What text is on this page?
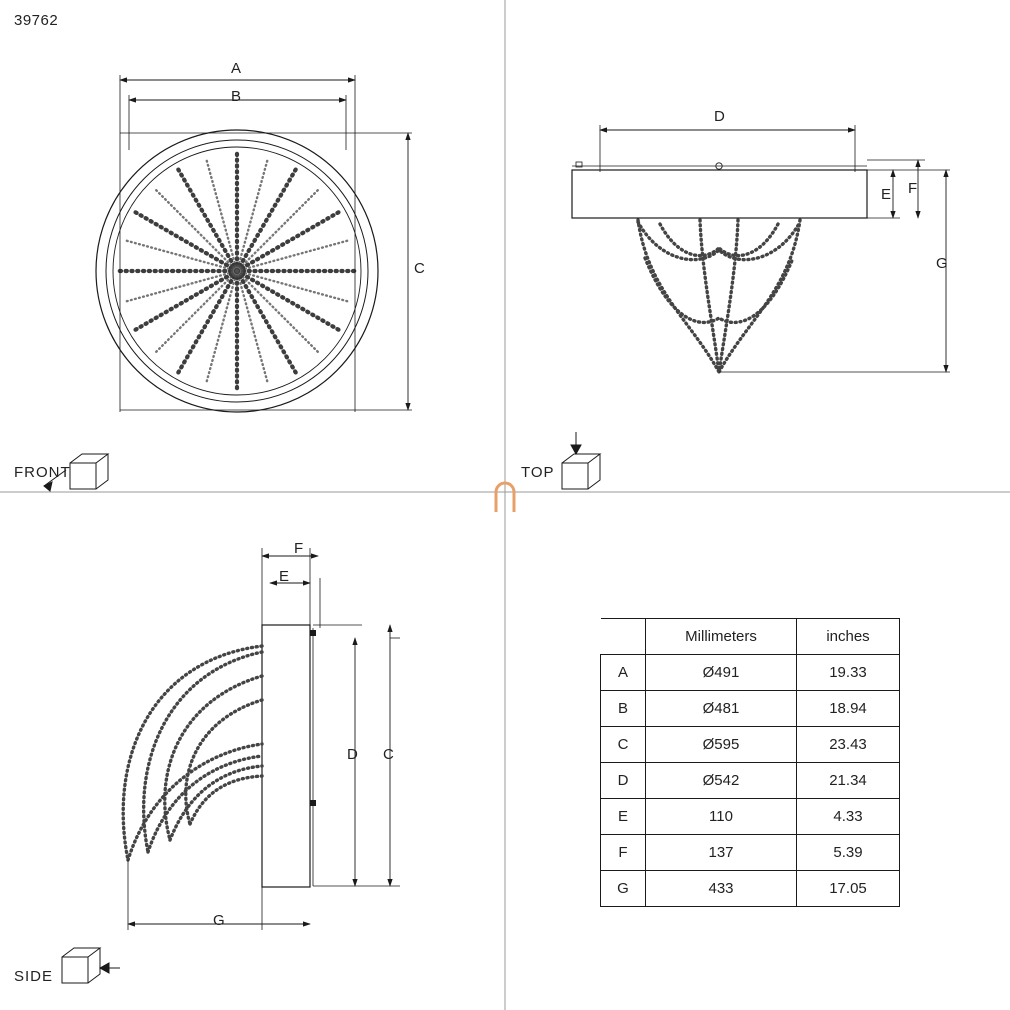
39762
FRONT	TOP
SIDE
A
B
C
D
E F
G
F
E
D C
G
	Millimeters	inches
A	Ø491	19.33
B	Ø481	18.94
C	Ø595	23.43
D	Ø542	21.34
E	110	4.33
F	137	5.39
G	433	17.05
